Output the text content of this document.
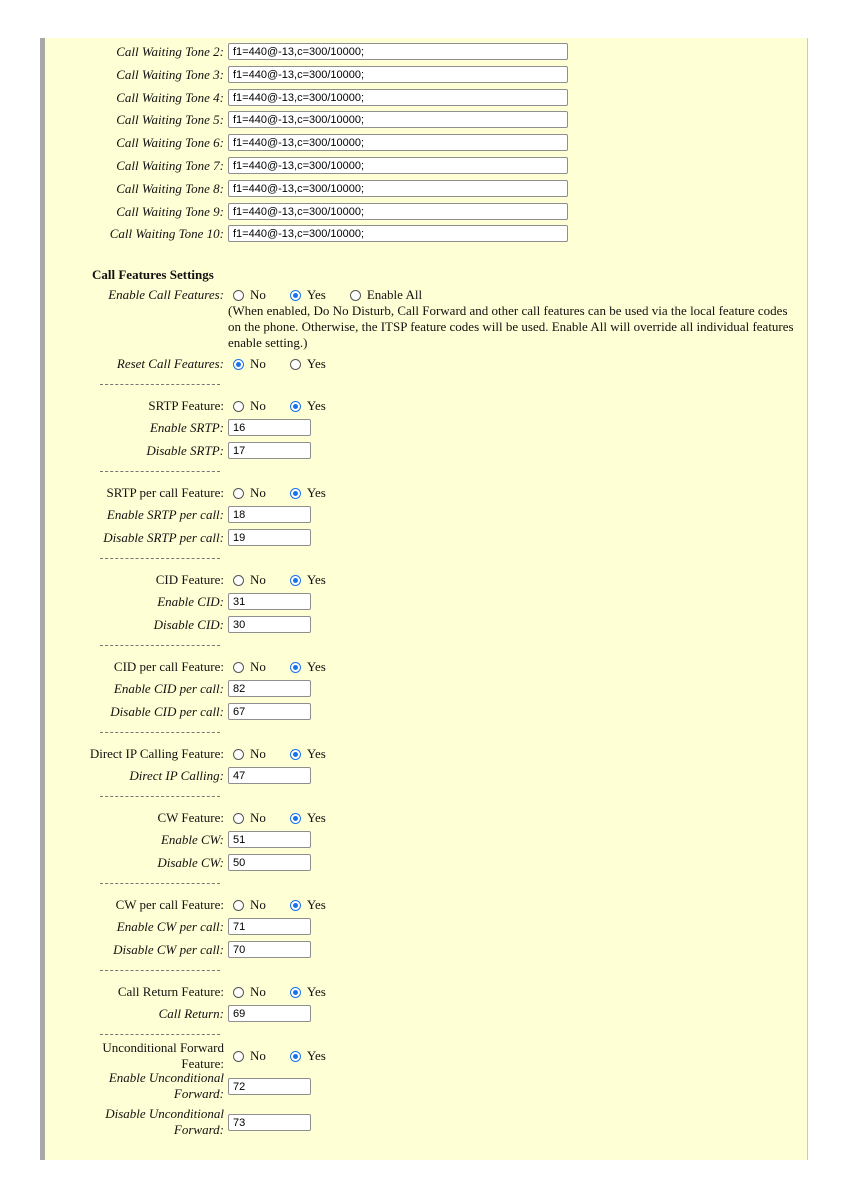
Call Waiting Tone 2: f1=440@-13,c=300/10000;
Call Waiting Tone 3: f1=440@-13,c=300/10000;
Call Waiting Tone 4: f1=440@-13,c=300/10000;
Call Waiting Tone 5: f1=440@-13,c=300/10000;
Call Waiting Tone 6: f1=440@-13,c=300/10000;
Call Waiting Tone 7: f1=440@-13,c=300/10000;
Call Waiting Tone 8: f1=440@-13,c=300/10000;
Call Waiting Tone 9: f1=440@-13,c=300/10000;
Call Waiting Tone 10: f1=440@-13,c=300/10000;
Call Features Settings
Enable Call Features: No	Yes	Enable All
(When enabled, Do No Disturb, Call Forward and other call features can be used via the local feature codes on the phone. Otherwise, the ITSP feature codes will be used. Enable All will override all individual features enable setting.)
Reset Call Features: No	Yes
SRTP Feature: No	Yes
Enable SRTP: 16
Disable SRTP: 17
SRTP per call Feature: No	Yes
Enable SRTP per call: 18
Disable SRTP per call: 19
CID Feature: No	Yes
Enable CID: 31
Disable CID: 30
CID per call Feature: No	Yes
Enable CID per call: 82
Disable CID per call: 67
Direct IP Calling Feature: No	Yes
Direct IP Calling: 47
CW Feature: No	Yes
Enable CW: 51
Disable CW: 50
CW per call Feature: No	Yes
Enable CW per call: 71
Disable CW per call: 70
Call Return Feature: No	Yes
Call Return: 69
Unconditional Forward Feature:
No	Yes
Enable Unconditional Forward: 72
Disable Unconditional Forward: 73
